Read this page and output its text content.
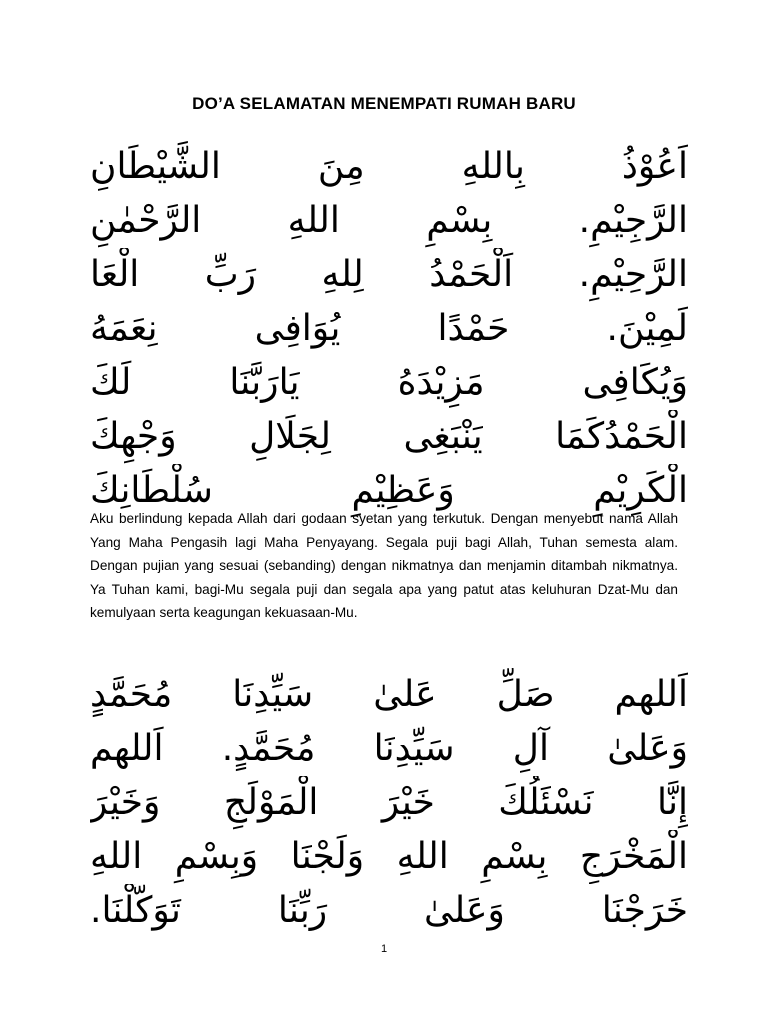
DO’A SELAMATAN MENEMPATI RUMAH BARU
اَعُوْذُ بِاللهِ مِنَ الشَّيْطَانِ
الرَّجِيْمِ. بِسْمِ اللهِ الرَّحْمٰنِ
الرَّحِيْمِ. اَلْحَمْدُ لِلهِ رَبِّ الْعَا
لَمِيْنَ. حَمْدًا يُوَافِى نِعَمَهُ
وَيُكَافِى مَزِيْدَهُ يَارَبَّنَا لَكَ
الْحَمْدُكَمَا يَنْبَغِى لِجَلَالِ وَجْهِكَ
الْكَرِيْمِ وَعَظِيْمِ سُلْطَانِكَ
Aku berlindung kepada Allah dari godaan syetan yang terkutuk. Dengan menyebut nama Allah Yang Maha Pengasih lagi Maha Penyayang. Segala puji bagi Allah, Tuhan semesta alam. Dengan pujian yang sesuai (sebanding) dengan nikmatnya dan menjamin ditambah nikmatnya. Ya Tuhan kami, bagi-Mu segala puji dan segala apa yang patut atas keluhuran Dzat-Mu dan kemulyaan serta keagungan kekuasaan-Mu.
اَللهم صَلِّ عَلىٰ سَيِّدِنَا مُحَمَّدٍ
وَعَلىٰ آلِ سَيِّدِنَا مُحَمَّدٍ. اَللهم
إِنَّا نَسْئَلُكَ خَيْرَ الْمَوْلَجِ وَخَيْرَ
الْمَخْرَجِ بِسْمِ اللهِ وَلَجْنَا وَبِسْمِ اللهِ
خَرَجْنَا وَعَلىٰ رَبِّنَا تَوَكَّلْنَا.
1
